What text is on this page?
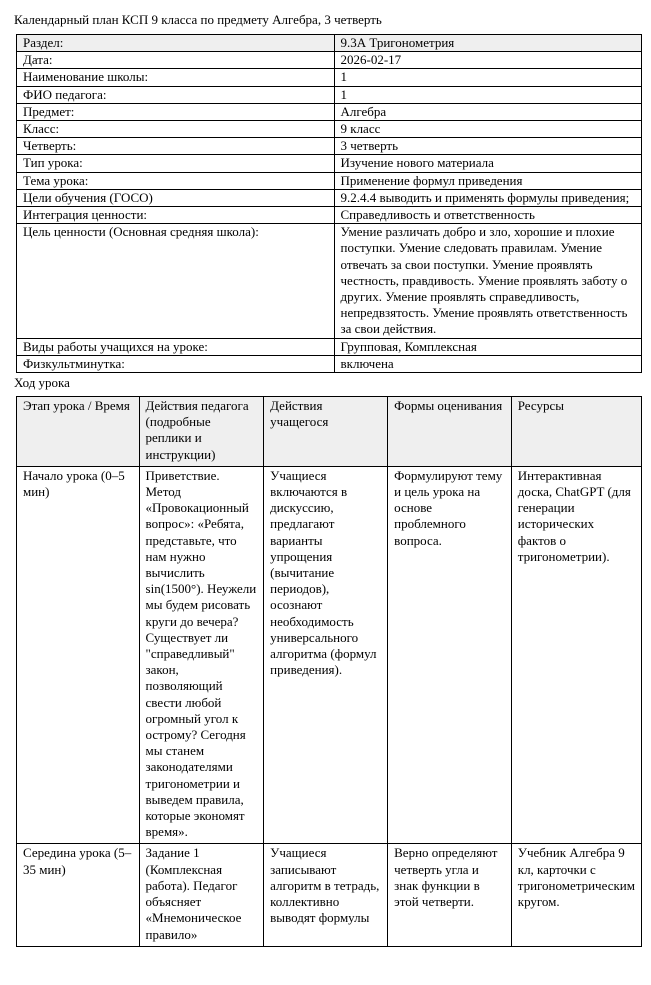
Календарный план КСП 9 класса по предмету Алгебра, 3 четверть
Раздел:	9.3А Тригонометрия
Дата:	2026-02-17
Наименование школы:	1
ФИО педагога:	1
Предмет:	Алгебра
Класс:	9 класс
Четверть:	3 четверть
Тип урока:	Изучение нового материала
Тема урока:	Применение формул приведения
Цели обучения (ГОСО)	9.2.4.4 выводить и применять формулы приведения;
Интеграция ценности:	Справедливость и ответственность
Цель ценности (Основная средняя школа):	Умение различать добро и зло, хорошие и плохие поступки. Умение следовать правилам. Умение отвечать за свои поступки. Умение проявлять честность, правдивость. Умение проявлять заботу о других. Умение проявлять справедливость, непредвзятость. Умение проявлять ответственность за свои действия.
Виды работы учащихся на уроке:	Групповая, Комплексная
Физкультминутка:	включена
Ход урока
Этап урока / Время	Действия педагога (подробные реплики и инструкции)	Действия учащегося	Формы оценивания	Ресурсы
Начало урока (0–5 мин)	Приветствие. Метод «Провокационный вопрос»: «Ребята, представьте, что нам нужно вычислить sin(1500°). Неужели мы будем рисовать круги до вечера? Существует ли "справедливый" закон, позволяющий свести любой огромный угол к острому? Сегодня мы станем законодателями тригонометрии и выведем правила, которые экономят время».	Учащиеся включаются в дискуссию, предлагают варианты упрощения (вычитание периодов), осознают необходимость универсального алгоритма (формул приведения).	Формулируют тему и цель урока на основе проблемного вопроса.	Интерактивная доска, ChatGPT (для генерации исторических фактов о тригонометрии).
Середина урока (5–35 мин)	Задание 1 (Комплексная работа). Педагог объясняет «Мнемоническое правило»	Учащиеся записывают алгоритм в тетрадь, коллективно выводят формулы	Верно определяют четверть угла и знак функции в этой четверти.	Учебник Алгебра 9 кл, карточки с тригонометрическим кругом.
